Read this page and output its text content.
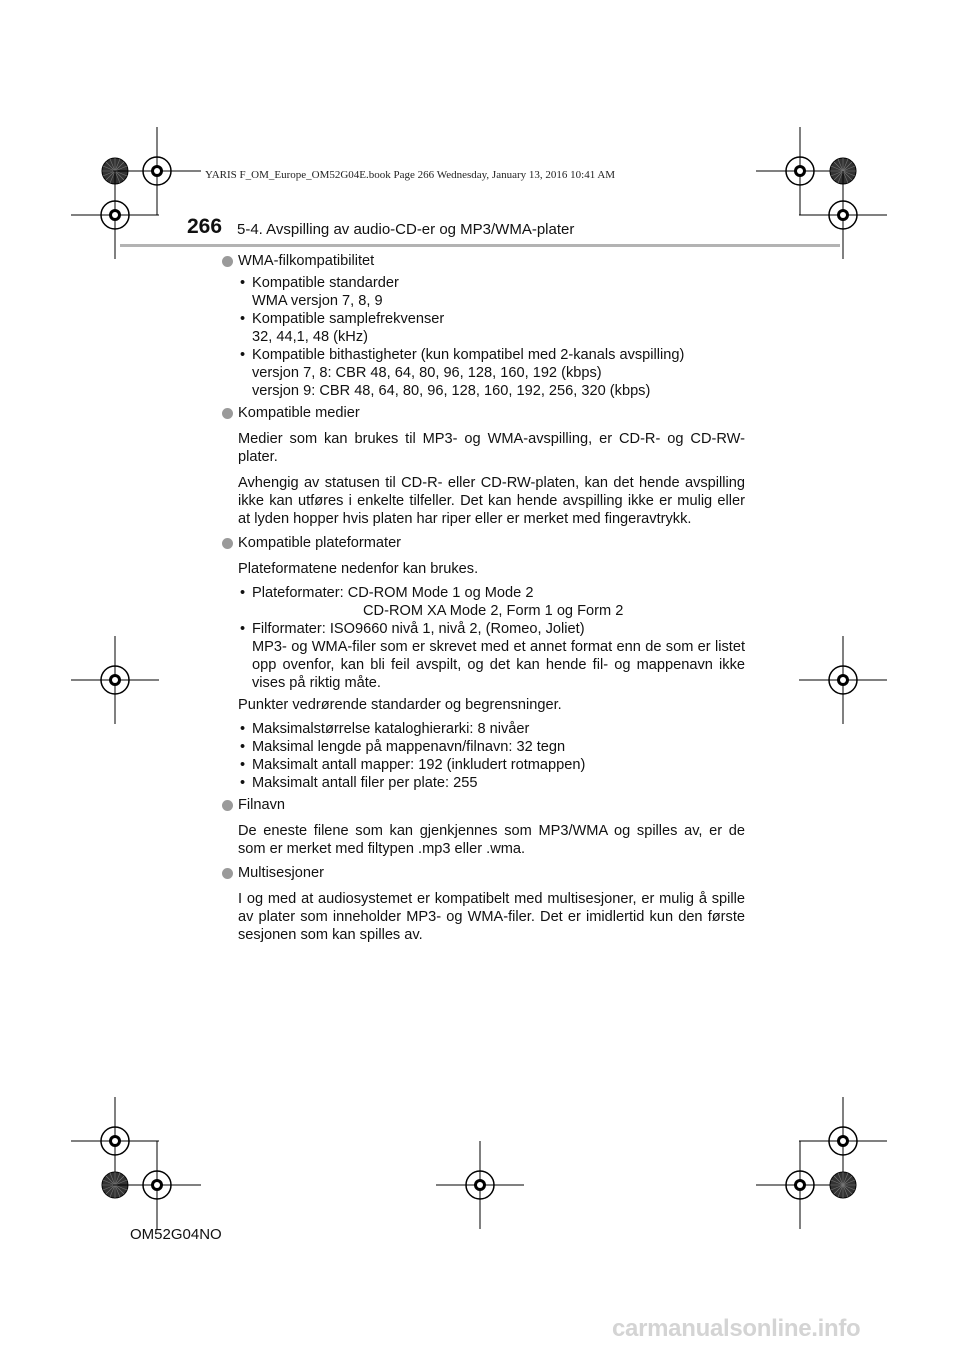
YARIS F_OM_Europe_OM52G04E.book Page 266 Wednesday, January 13, 2016 10:41 AM
266 5-4. Avspilling av audio-CD-er og MP3/WMA-plater
WMA-filkompatibilitet
• Kompatible standarder
WMA versjon 7, 8, 9
• Kompatible samplefrekvenser
32, 44,1, 48 (kHz)
• Kompatible bithastigheter (kun kompatibel med 2-kanals avspilling)
versjon 7, 8: CBR 48, 64, 80, 96, 128, 160, 192 (kbps)
versjon 9: CBR 48, 64, 80, 96, 128, 160, 192, 256, 320 (kbps)
Kompatible medier
Medier som kan brukes til MP3- og WMA-avspilling, er CD-R- og CD-RW-plater.
Avhengig av statusen til CD-R- eller CD-RW-platen, kan det hende avspilling ikke kan utføres i enkelte tilfeller. Det kan hende avspilling ikke er mulig eller at lyden hopper hvis platen har riper eller er merket med fingeravtrykk.
Kompatible plateformater
Plateformatene nedenfor kan brukes.
• Plateformater: CD-ROM Mode 1 og Mode 2
CD-ROM XA Mode 2, Form 1 og Form 2
• Filformater: ISO9660 nivå 1, nivå 2, (Romeo, Joliet)
MP3- og WMA-filer som er skrevet med et annet format enn de som er listet opp ovenfor, kan bli feil avspilt, og det kan hende fil- og mappenavn ikke vises på riktig måte.
Punkter vedrørende standarder og begrensninger.
• Maksimalstørrelse kataloghierarki: 8 nivåer
• Maksimal lengde på mappenavn/filnavn: 32 tegn
• Maksimalt antall mapper: 192 (inkludert rotmappen)
• Maksimalt antall filer per plate: 255
Filnavn
De eneste filene som kan gjenkjennes som MP3/WMA og spilles av, er de som er merket med filtypen .mp3 eller .wma.
Multisesjoner
I og med at audiosystemet er kompatibelt med multisesjoner, er mulig å spille av plater som inneholder MP3- og WMA-filer. Det er imidlertid kun den første sesjonen som kan spilles av.
OM52G04NO
carmanualsonline.info
